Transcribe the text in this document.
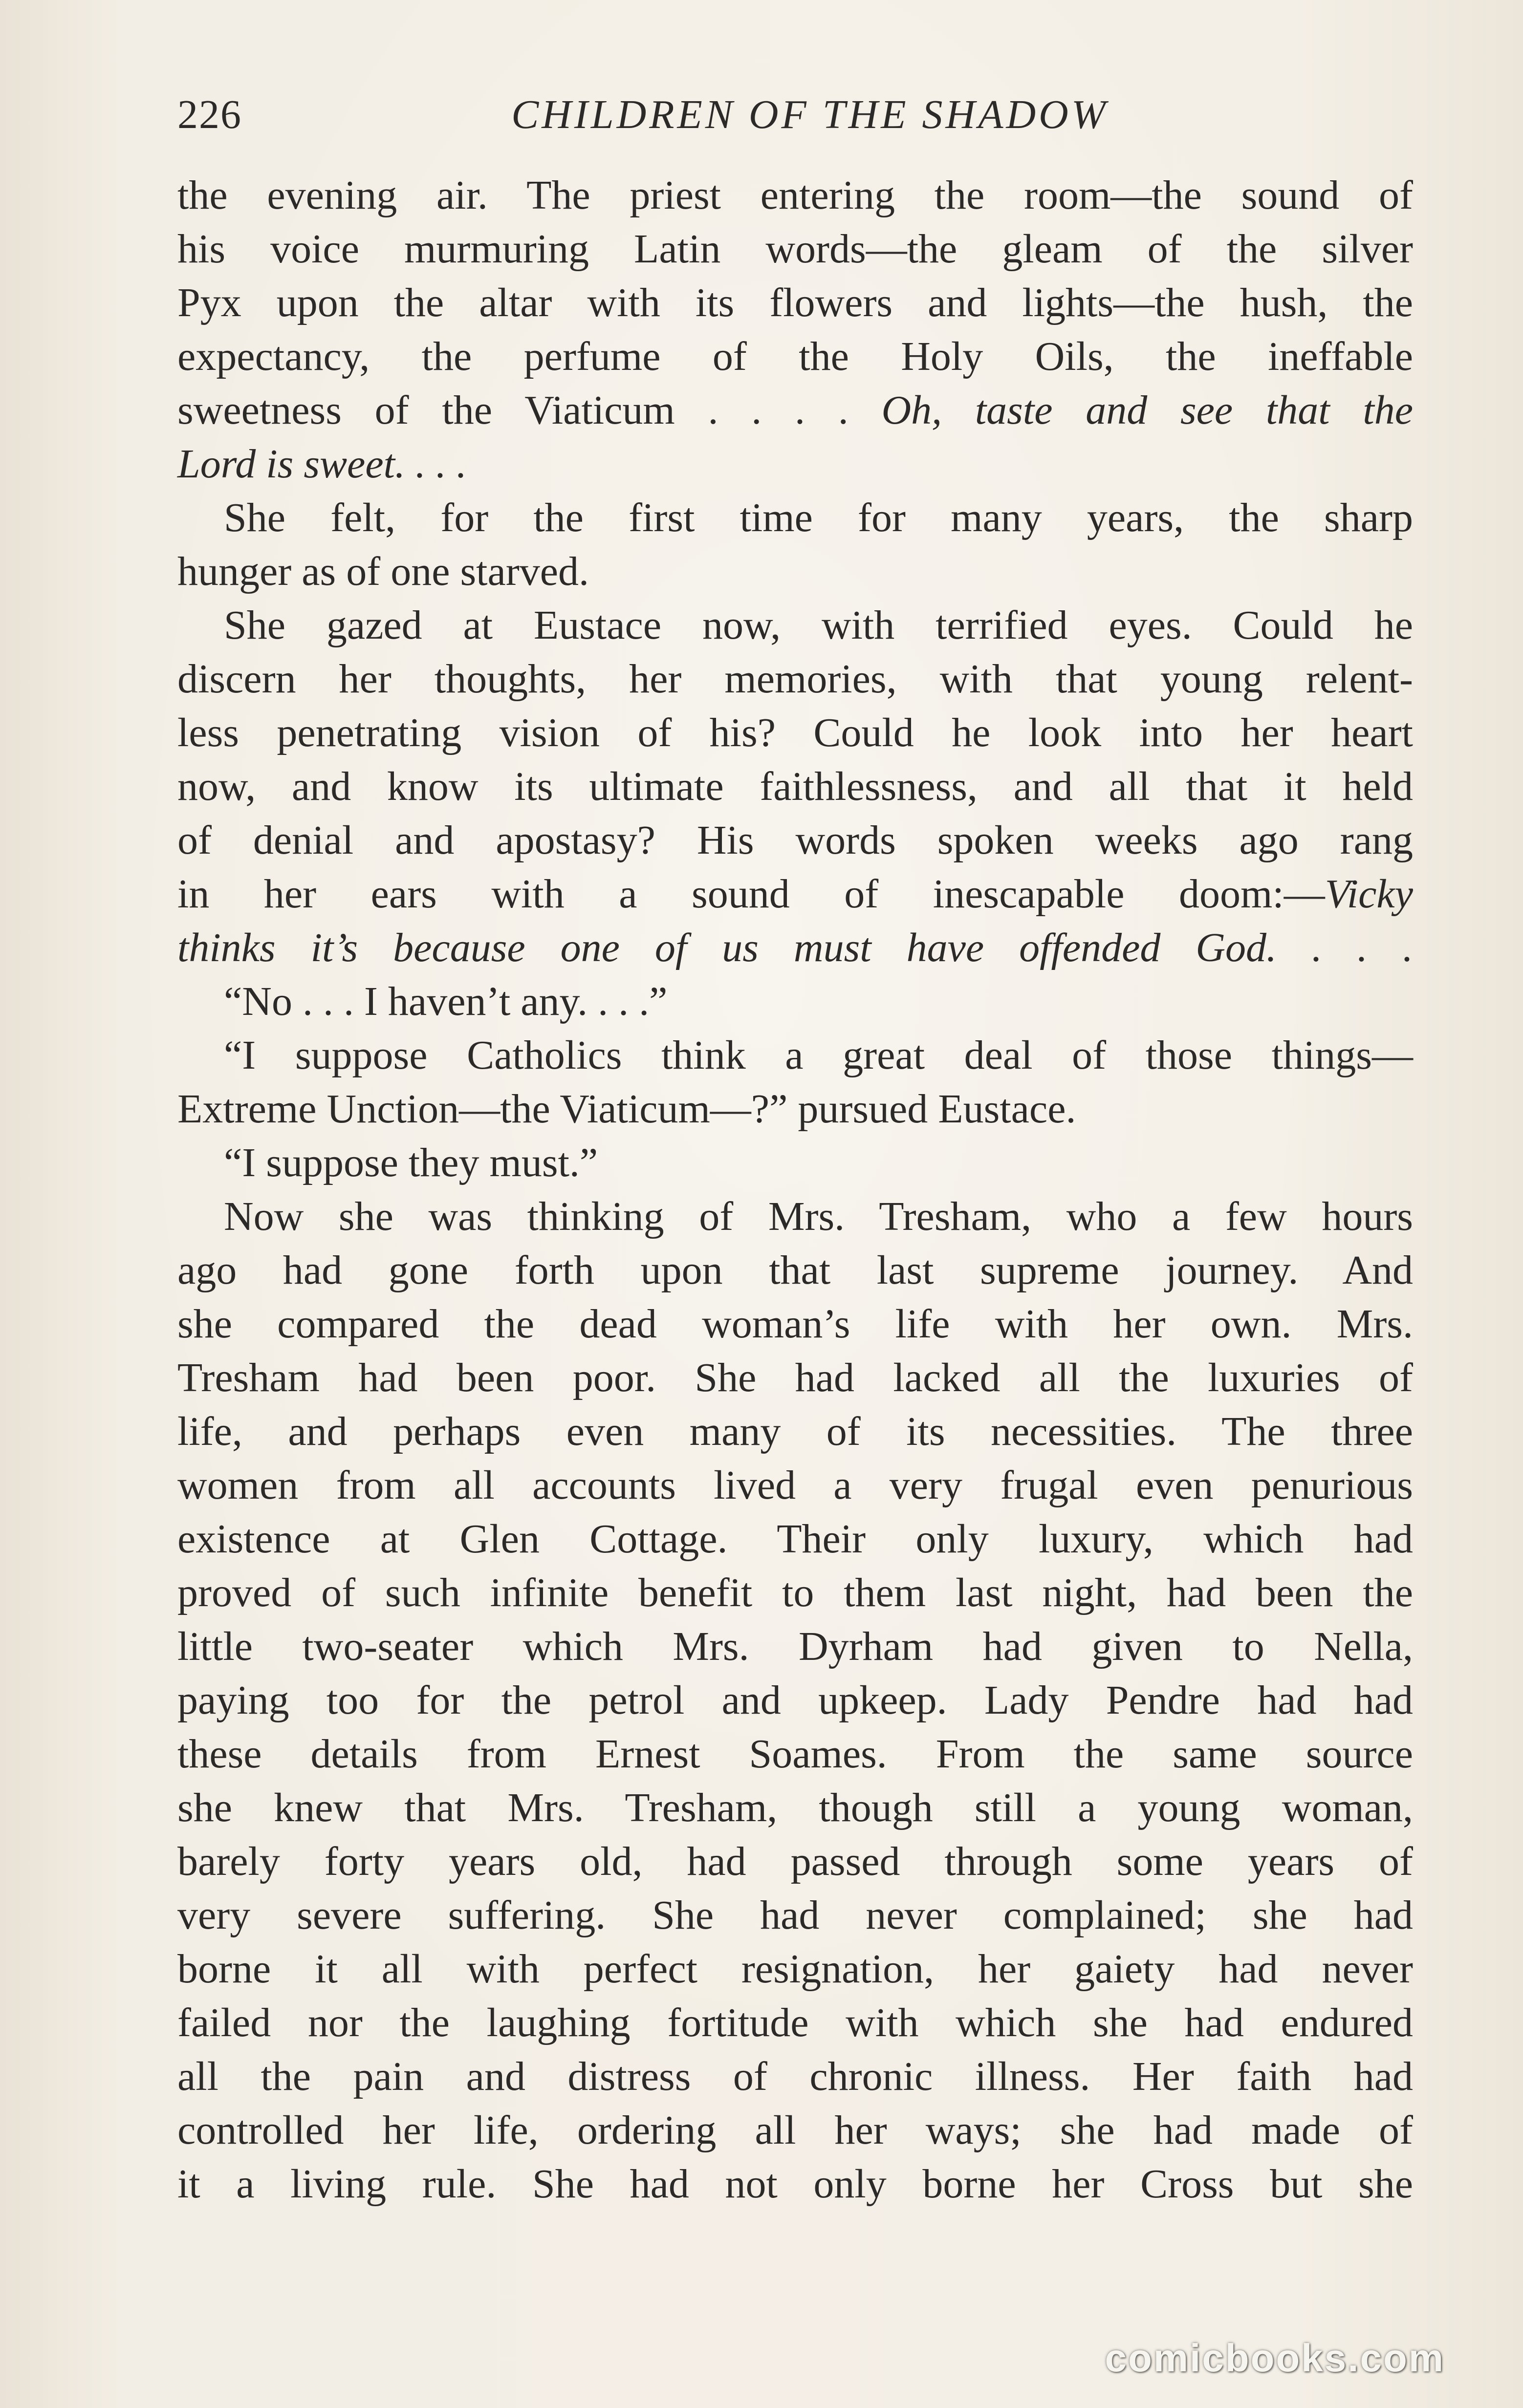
226	CHILDREN OF THE SHADOW
the evening air. The priest entering the room—the sound of
his voice murmuring Latin words—the gleam of the silver
Pyx upon the altar with its flowers and lights—the hush, the
expectancy, the perfume of the Holy Oils, the ineffable
sweetness of the Viaticum . . . . Oh, taste and see that the
Lord is sweet. . . .
She felt, for the first time for many years, the sharp
hunger as of one starved.
She gazed at Eustace now, with terrified eyes. Could he
discern her thoughts, her memories, with that young relent-
less penetrating vision of his? Could he look into her heart
now, and know its ultimate faithlessness, and all that it held
of denial and apostasy? His words spoken weeks ago rang
in her ears with a sound of inescapable doom:—Vicky
thinks it’s because one of us must have offended God. . . .
“No . . . I haven’t any. . . .”
“I suppose Catholics think a great deal of those things—
Extreme Unction—the Viaticum—?” pursued Eustace.
“I suppose they must.”
Now she was thinking of Mrs. Tresham, who a few hours
ago had gone forth upon that last supreme journey. And
she compared the dead woman’s life with her own. Mrs.
Tresham had been poor. She had lacked all the luxuries of
life, and perhaps even many of its necessities. The three
women from all accounts lived a very frugal even penurious
existence at Glen Cottage. Their only luxury, which had
proved of such infinite benefit to them last night, had been the
little two-seater which Mrs. Dyrham had given to Nella,
paying too for the petrol and upkeep. Lady Pendre had had
these details from Ernest Soames. From the same source
she knew that Mrs. Tresham, though still a young woman,
barely forty years old, had passed through some years of
very severe suffering. She had never complained; she had
borne it all with perfect resignation, her gaiety had never
failed nor the laughing fortitude with which she had endured
all the pain and distress of chronic illness. Her faith had
controlled her life, ordering all her ways; she had made of
it a living rule. She had not only borne her Cross but she
comicbooks.com
